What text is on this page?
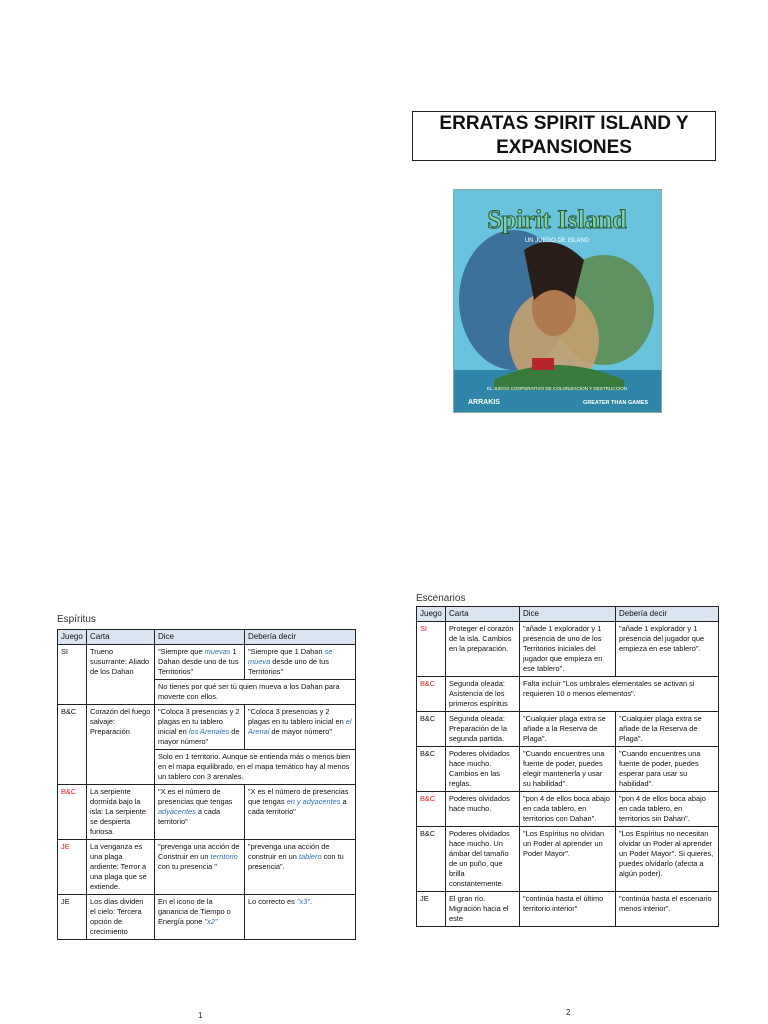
ERRATAS SPIRIT ISLAND Y EXPANSIONES
Spirit Island
UN JUEGO DE ISLAND
EL JUEGO COOPERATIVO DE COLONIZACION Y DESTRUCCION
ARRAKIS	GREATER THAN GAMES
Espíritus
Juego	Carta	Dice	Debería decir
SI	Trueno susurrante: Aliado de los Dahan	"Siempre que muevas 1 Dahan desde uno de tus Territorios"	"Siempre que 1 Dahan se mueva desde uno de tus Territorios"
		No tienes por qué ser tú quien mueva a los Dahan para moverte con ellos.	
B&C	Corazón del fuego salvaje: Preparación	"Coloca 3 presencias y 2 plagas en tu tablero inicial en los Arenales de mayor número"	"Coloca 3 presencias y 2 plagas en tu tablero inicial en el Arenal de mayor número"
		Solo en 1 territorio. Aunque se entienda más o menos bien en el mapa equilibrado, en el mapa temático hay al menos un tablero con 3 arenales.	
B&C	La serpiente dormida bajo la isla: La serpiente se despierta furiosa.	"X es el número de presencias que tengas adyacentes a cada territorio"	"X es el número de presencias que tengas en y adyacentes a cada territorio"
JE	La venganza es una plaga ardiente: Terror a una plaga que se extiende.	"prevenga una acción de Construir en un territorio con tu presencia "	"prevenga una acción de construir en un tablero con tu presencia".
JE	Los días dividen el cielo: Tercera opción de crecimiento	En el icono de la ganancia de Tiempo o Energía pone "x2"	Lo correcto es "x3".
Escenarios
Juego	Carta	Dice	Debería decir
SI	Proteger el corazón de la isla. Cambios en la preparación.	"añade 1 explorador y 1 presencia de uno de los Territorios iniciales del jugador que empieza en ese tablero".	"añade 1 explorador y 1 presencia del jugador que empieza en ese tablero".
B&C	Segunda oleada: Asistencia de los primeros espíritus	Falta incluir "Los umbrales elementales se activan si requieren 10 o menos elementos".	
B&C	Segunda oleada: Preparación de la segunda partida.	"Cualquier plaga extra se añade a la Reserva de Plaga".	"Cualquier plaga extra se añade de la Reserva de Plaga".
B&C	Poderes olvidados hace mucho. Cambios en las reglas.	"Cuando encuentres una fuente de poder, puedes elegir mantenerla y usar su habilidad".	"Cuando encuentres una fuente de poder, puedes esperar para usar su habilidad".
B&C	Poderes olvidados hace mucho.	"pon 4 de ellos boca abajo en cada tablero, en territorios con Dahan".	"pon 4 de ellos boca abajo en cada tablero, en territorios sin Dahan".
B&C	Poderes olvidados hace mucho. Un ámbar del tamaño de un puño, que brilla constantemente.	"Los Espíritus no olvidan un Poder al aprender un Poder Mayor".	"Los Espíritus no necesitan olvidar un Poder al aprender un Poder Mayor". Si quieres, puedes olvidarlo (afecta a algún poder).
JE	El gran río. Migración hacia el este	"continúa hasta el último territorio interior"	"continúa hasta el escenario menos interior".
1	2
